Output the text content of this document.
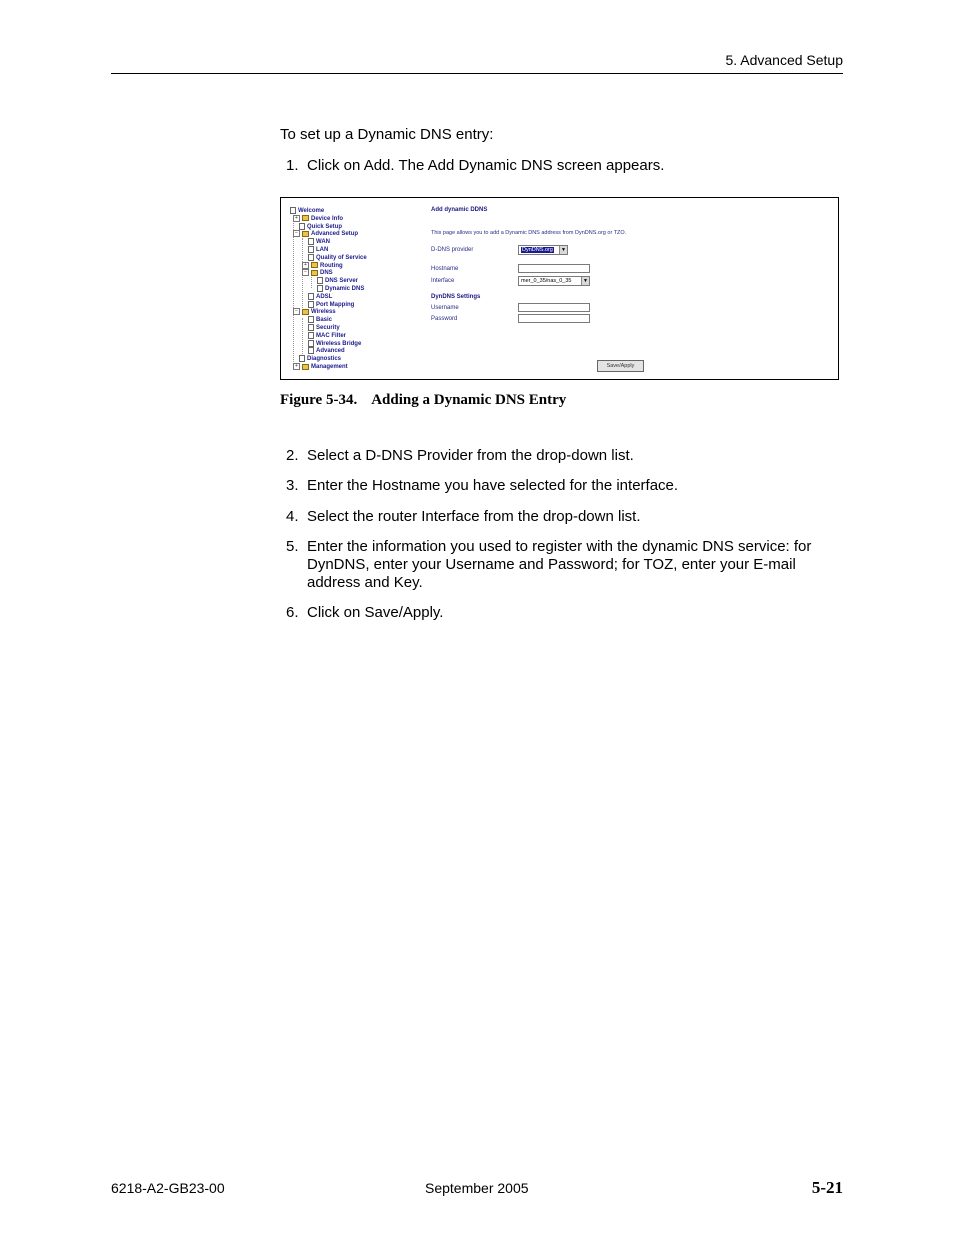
5. Advanced Setup
To set up a Dynamic DNS entry:
1. Click on Add. The Add Dynamic DNS screen appears.
Welcome
+ Device Info
Quick Setup
− Advanced Setup
WAN
LAN
Quality of Service
+ Routing
− DNS
DNS Server
Dynamic DNS
ADSL
Port Mapping
− Wireless
Basic
Security
MAC Filter
Wireless Bridge
Advanced
Diagnostics
+ Management
Add dynamic DDNS
This page allows you to add a Dynamic DNS address from DynDNS.org or TZO.
D-DNS provider	DynDNS.org	▼
Hostname
Interface	mer_0_35/nas_0_35	▼
DynDNS Settings
Username
Password
Save/Apply
Figure 5-34. Adding a Dynamic DNS Entry
2. Select a D-DNS Provider from the drop-down list.
3. Enter the Hostname you have selected for the interface.
4. Select the router Interface from the drop-down list.
5. Enter the information you used to register with the dynamic DNS service: for DynDNS, enter your Username and Password; for TOZ, enter your E-mail address and Key.
6. Click on Save/Apply.
6218-A2-GB23-00	September 2005	5-21
